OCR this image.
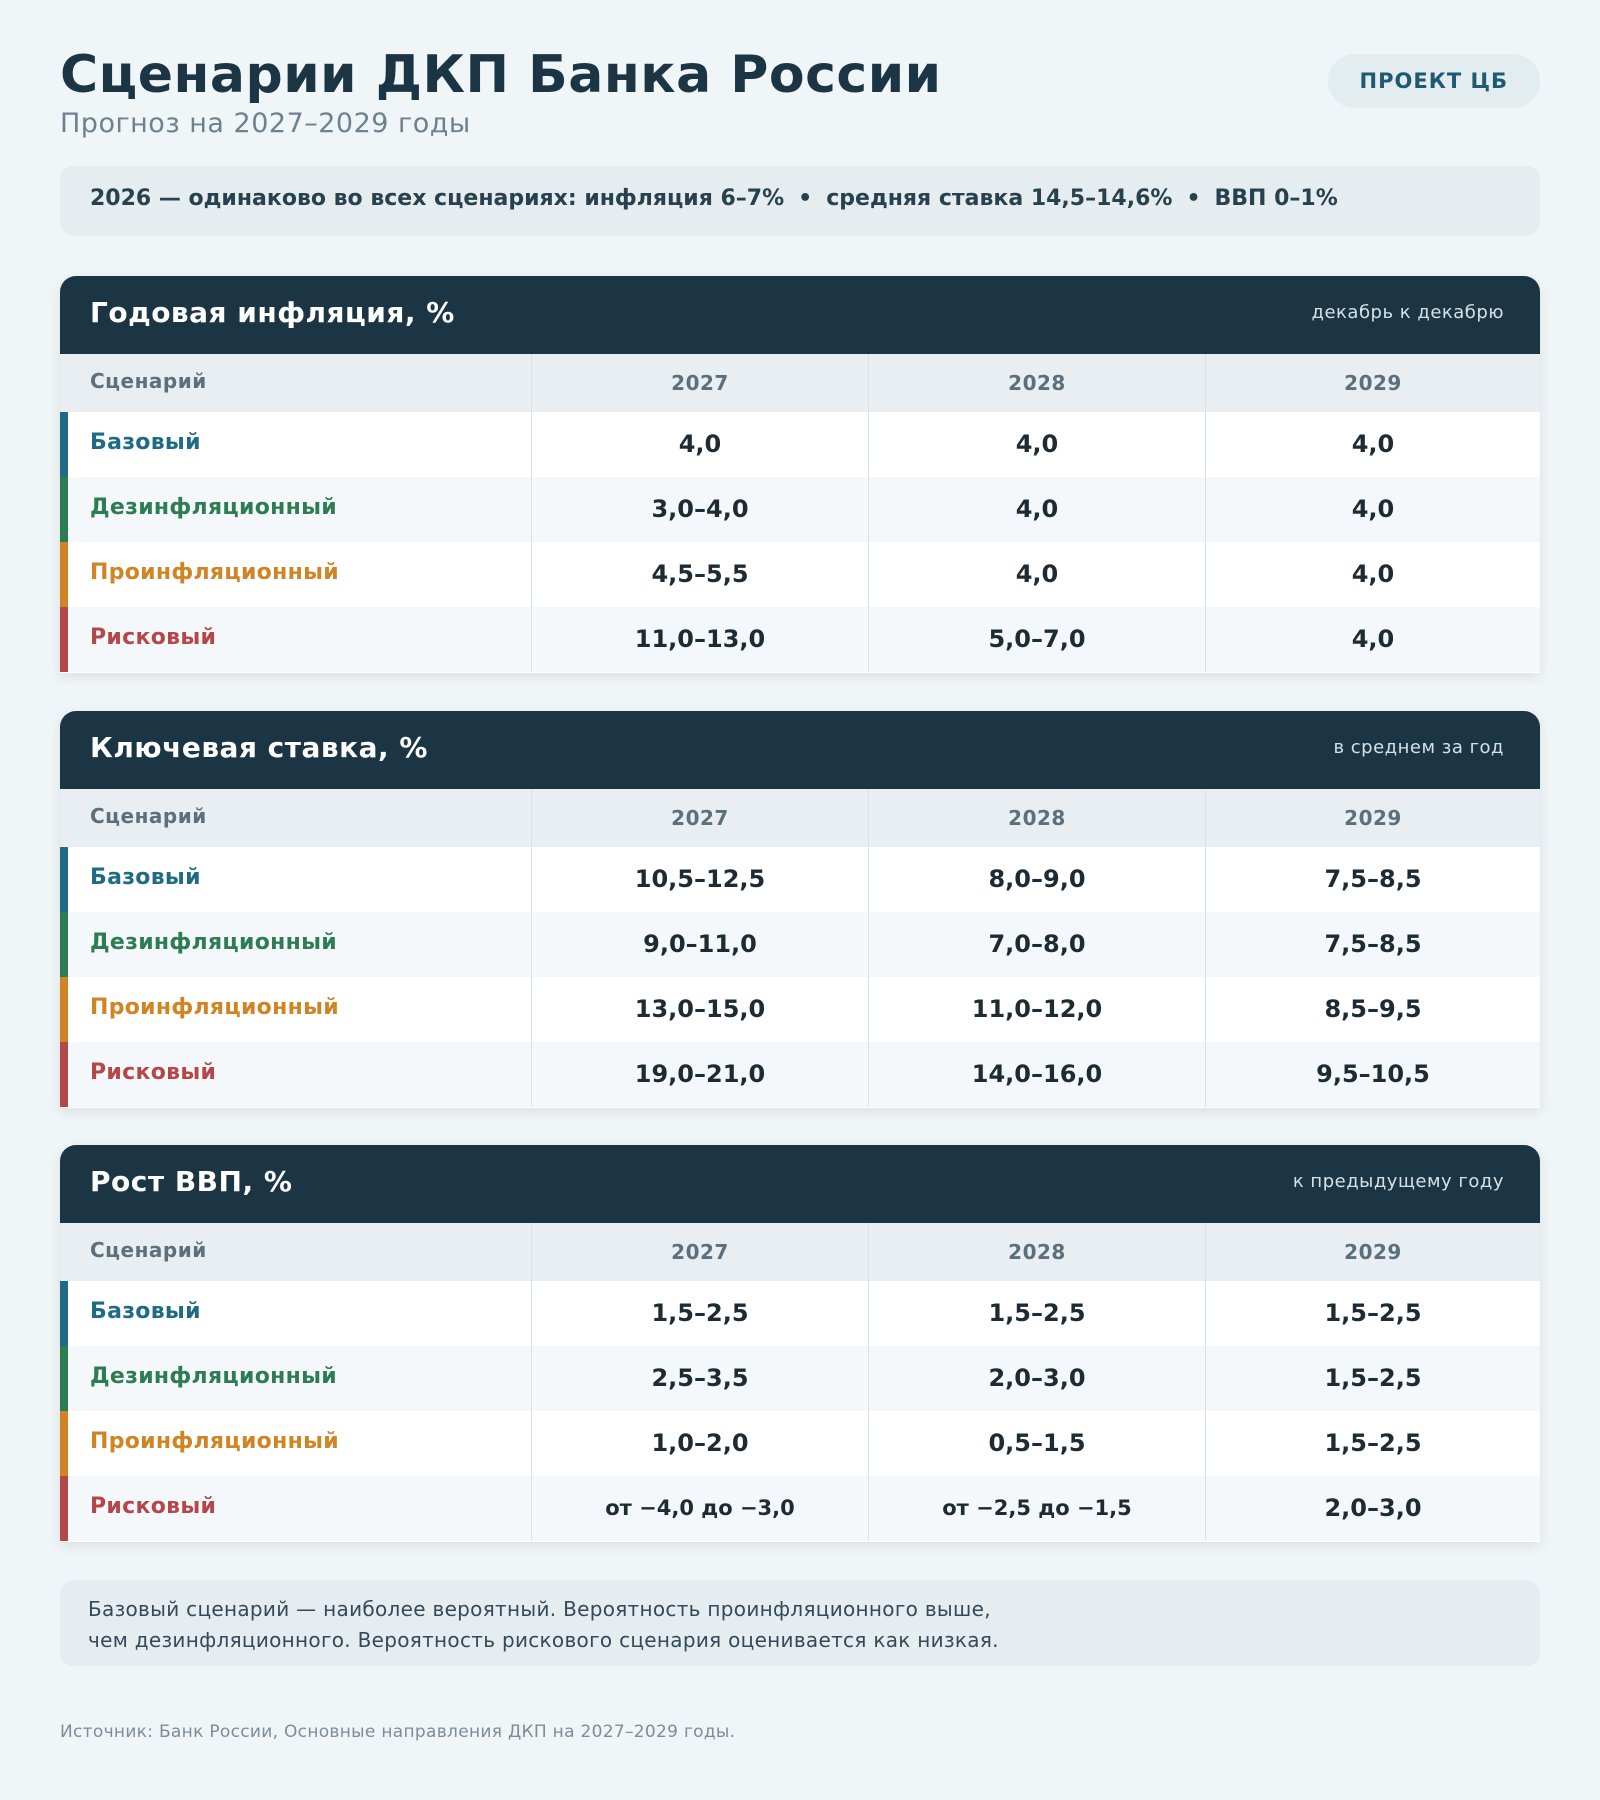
Сценарии ДКП Банка России
Прогноз на 2027–2029 годы
ПРОЕКТ ЦБ
2026 — одинаково во всех сценариях: инфляция 6–7% • средняя ставка 14,5–14,6% • ВВП 0–1%
Годовая инфляция, %	декабрь к декабрю
Сценарий	2027	2028	2029
Базовый	4,0	4,0	4,0
Дезинфляционный	3,0–4,0	4,0	4,0
Проинфляционный	4,5–5,5	4,0	4,0
Рисковый	11,0–13,0	5,0–7,0	4,0
Ключевая ставка, %	в среднем за год
Сценарий	2027	2028	2029
Базовый	10,5–12,5	8,0–9,0	7,5–8,5
Дезинфляционный	9,0–11,0	7,0–8,0	7,5–8,5
Проинфляционный	13,0–15,0	11,0–12,0	8,5–9,5
Рисковый	19,0–21,0	14,0–16,0	9,5–10,5
Рост ВВП, %	к предыдущему году
Сценарий	2027	2028	2029
Базовый	1,5–2,5	1,5–2,5	1,5–2,5
Дезинфляционный	2,5–3,5	2,0–3,0	1,5–2,5
Проинфляционный	1,0–2,0	0,5–1,5	1,5–2,5
Рисковый	от −4,0 до −3,0	от −2,5 до −1,5	2,0–3,0
Базовый сценарий — наиболее вероятный. Вероятность проинфляционного выше,
чем дезинфляционного. Вероятность рискового сценария оценивается как низкая.
Источник: Банк России, Основные направления ДКП на 2027–2029 годы.
